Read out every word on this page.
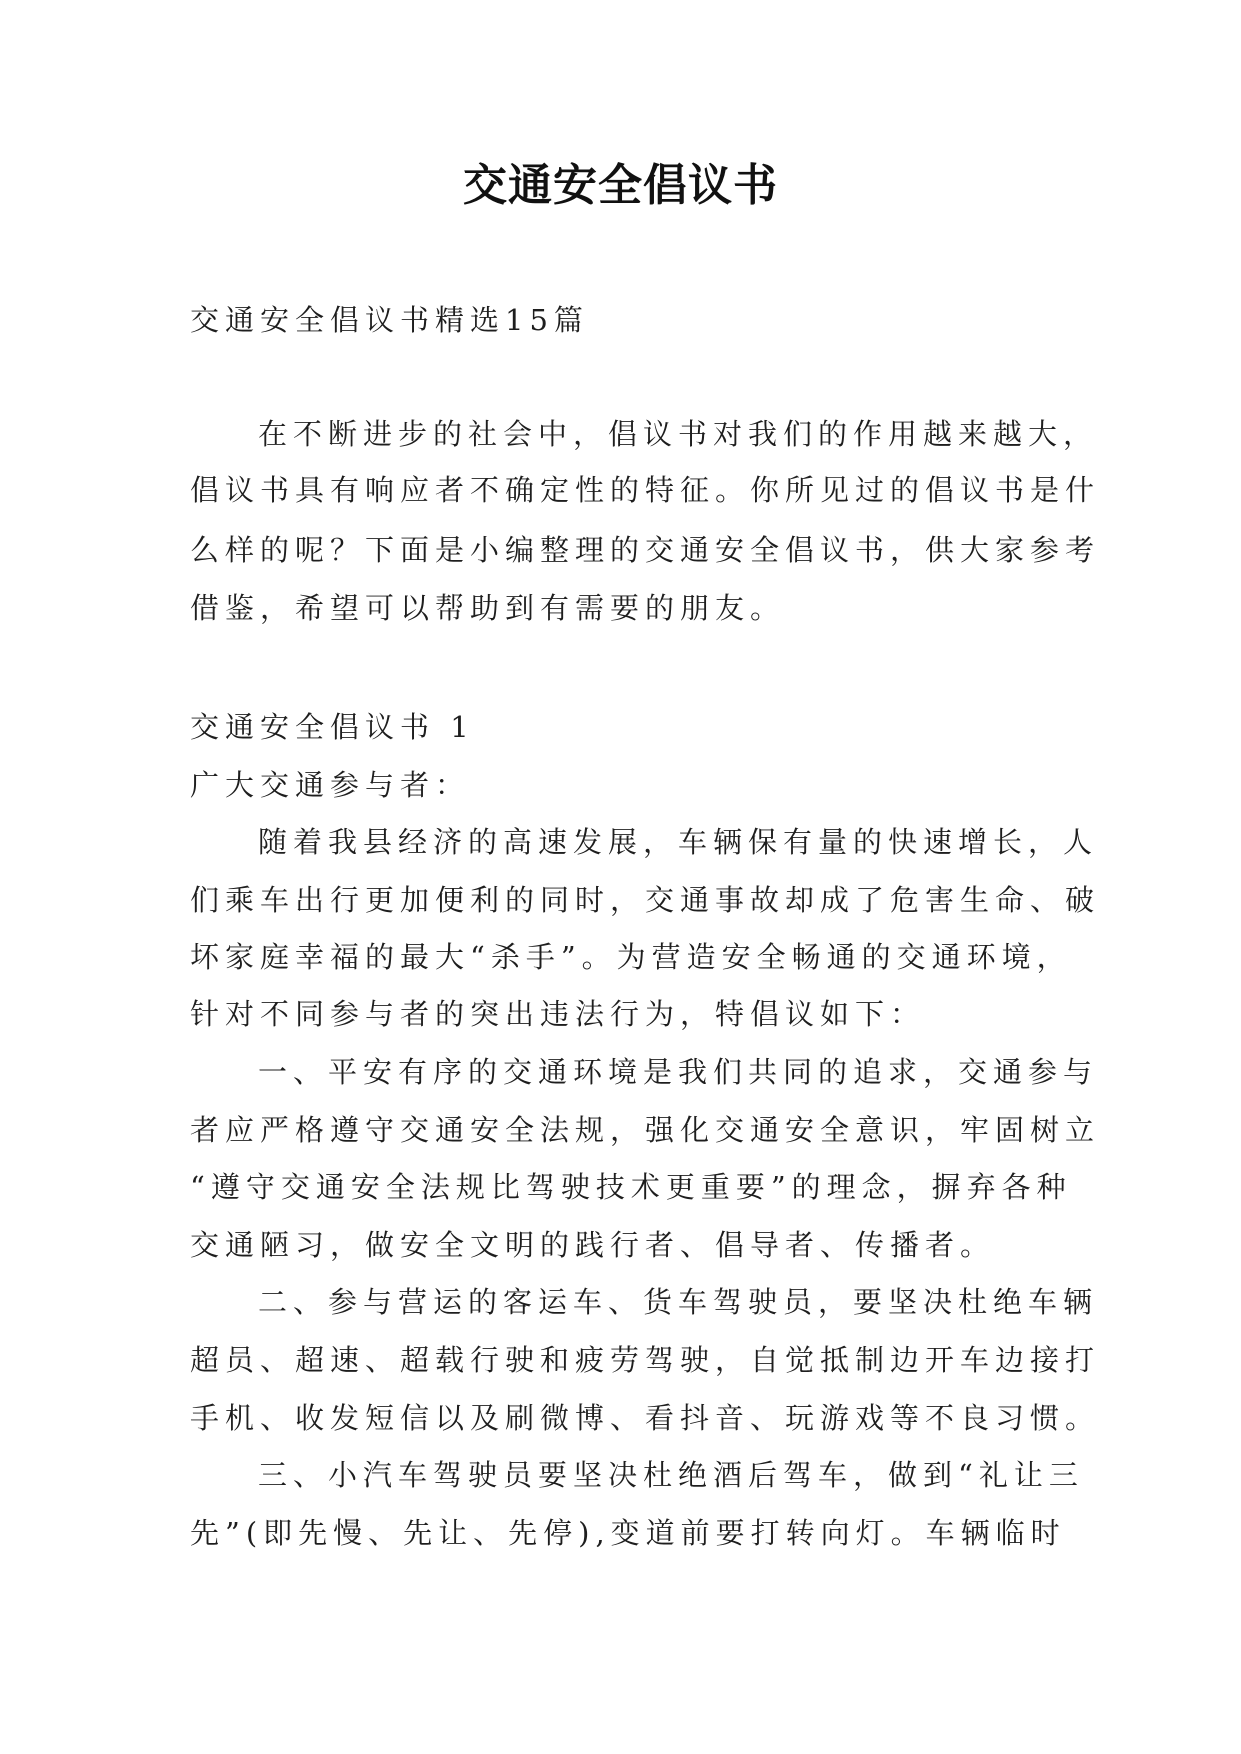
交通安全倡议书
交通安全倡议书精选15篇
在不断进步的社会中，倡议书对我们的作用越来越大，
倡议书具有响应者不确定性的特征。你所见过的倡议书是什
么样的呢？下面是小编整理的交通安全倡议书，供大家参考
借鉴，希望可以帮助到有需要的朋友。
交通安全倡议书 1
广大交通参与者：
随着我县经济的高速发展，车辆保有量的快速增长，人
们乘车出行更加便利的同时，交通事故却成了危害生命、破
坏家庭幸福的最大“杀手”。为营造安全畅通的交通环境，
针对不同参与者的突出违法行为，特倡议如下：
一、平安有序的交通环境是我们共同的追求，交通参与
者应严格遵守交通安全法规，强化交通安全意识，牢固树立
“遵守交通安全法规比驾驶技术更重要”的理念，摒弃各种
交通陋习，做安全文明的践行者、倡导者、传播者。
二、参与营运的客运车、货车驾驶员，要坚决杜绝车辆
超员、超速、超载行驶和疲劳驾驶，自觉抵制边开车边接打
手机、收发短信以及刷微博、看抖音、玩游戏等不良习惯。
三、小汽车驾驶员要坚决杜绝酒后驾车，做到“礼让三
先”(即先慢、先让、先停),变道前要打转向灯。车辆临时
